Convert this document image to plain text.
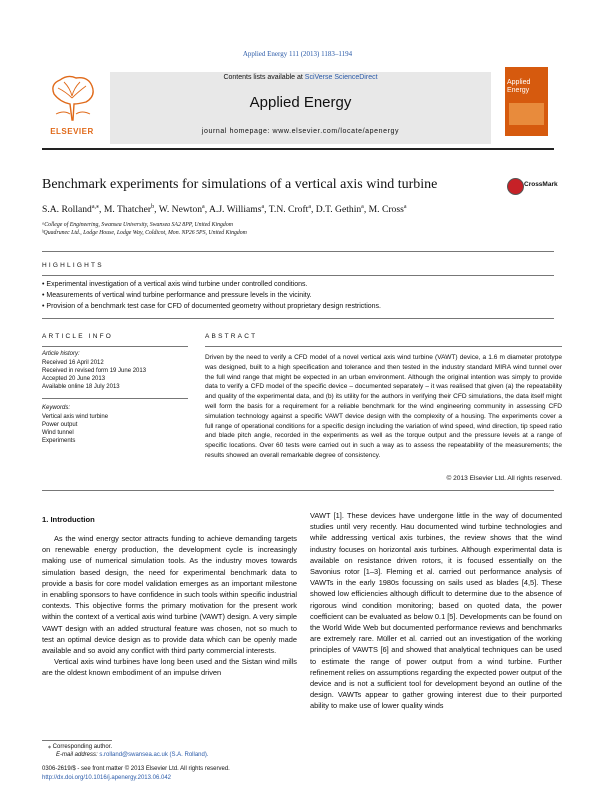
Applied Energy 111 (2013) 1183–1194
ELSEVIER
Contents lists available at SciVerse ScienceDirect
Applied Energy
journal homepage: www.elsevier.com/locate/apenergy
Applied Energy
Benchmark experiments for simulations of a vertical axis wind turbine	CrossMark
S.A. Rolland$^{a,⁎}$, M. Thatcher$^b$, W. Newton$^a$, A.J. Williams$^a$, T.N. Croft$^a$, D.T. Gethin$^a$, M. Cross$^a$
ᵃCollege of Engineering, Swansea University, Swansea SA2 8PP, United Kingdom
ᵇQuadrunec Ltd., Lodge House, Lodge Way, Coldicot, Mon. NP26 5PS, United Kingdom
HIGHLIGHTS
• Experimental investigation of a vertical axis wind turbine under controlled conditions.
• Measurements of vertical wind turbine performance and pressure levels in the vicinity.
• Provision of a benchmark test case for CFD of documented geometry without proprietary design restrictions.
ARTICLE INFO
Article history:
Received 16 April 2012
Received in revised form 19 June 2013
Accepted 20 June 2013
Available online 18 July 2013
Keywords:
Vertical axis wind turbine
Power output
Wind tunnel
Experiments
ABSTRACT
Driven by the need to verify a CFD model of a novel vertical axis wind turbine (VAWT) device, a 1.6 m diameter prototype was designed, built to a high specification and tolerance and then tested in the industry standard MIRA wind tunnel over the full wind range that might be expected in an urban environment. Although the original intention was simply to provide data to verify a CFD model of the specific device – documented separately – it was realised that given (a) the repeatability and quality of the experimental data, and (b) its utility for the authors in verifying their CFD simulations, the data itself might well form the basis for a requirement for a reliable benchmark for the wind engineering community in assessing CFD simulation technology against a specific VAWT device design with the complexity of a housing. The experiments cover a full range of operational conditions for a specific design including the variation of wind speed, wind direction, tip speed ratio and blade pitch angle, recorded in the experiments as well as the torque output and the pressure levels at a range of specific locations. Over 60 tests were carried out in such a way as to assess the repeatability of the measurements; the results showed an overall remarkable degree of consistency.
© 2013 Elsevier Ltd. All rights reserved.
1. Introduction

As the wind energy sector attracts funding to achieve demanding targets on renewable energy production, the development cycle is increasingly making use of numerical simulation tools. As the industry moves towards simulation based design, the need for experimental benchmark data to provide a basis for core model validation emerges as an important milestone in enabling sponsors to have confidence in such tools within specific industrial contexts. This objective forms the primary motivation for the present work within the context of a vertical axis wind turbine (VAWT) design. A very simple VAWT design with an added structural feature was chosen, not so much to test an optimal device design as to provide data which can be openly made available and so avoid any conflict with third party commercial interests.

Vertical axis wind turbines have long been used and the Sistan wind mills are the oldest known embodiment of an impulse driven

VAWT [1]. These devices have undergone little in the way of documented studies until very recently. Hau documented wind turbine technologies and while addressing vertical axis turbines, the review shows that the wind industry focuses on horizontal axis turbines. Although experimental data is available on resistance driven rotors, it is focused essentially on the Savonius rotor [1–3]. Fleming et al. carried out performance analysis of VAWTs in the early 1980s focussing on sails used as blades [4,5]. These showed low efficiencies although difficult to determine due to the absence of rigorous wind condition monitoring; based on quoted data, the power coefficient can be evaluated as below 0.1 [5]. Developments can be found on the World Wide Web but documented performance reviews and benchmarks are extremely rare. Müller et al. carried out an investigation of the working principles of VAWTS [6] and showed that analytical techniques can be used to estimate the range of power output from a wind turbine. Further refinement relies on assumptions regarding the expected power output of the device and is not a sufficient tool for development beyond an outline of the design. VAWTs appear to gather growing interest due to their purported ability to make use of lower quality winds

⁎ Corresponding author.
E-mail address: s.rolland@swansea.ac.uk (S.A. Rolland).
0306-2619/$ - see front matter © 2013 Elsevier Ltd. All rights reserved.
http://dx.doi.org/10.1016/j.apenergy.2013.06.042
